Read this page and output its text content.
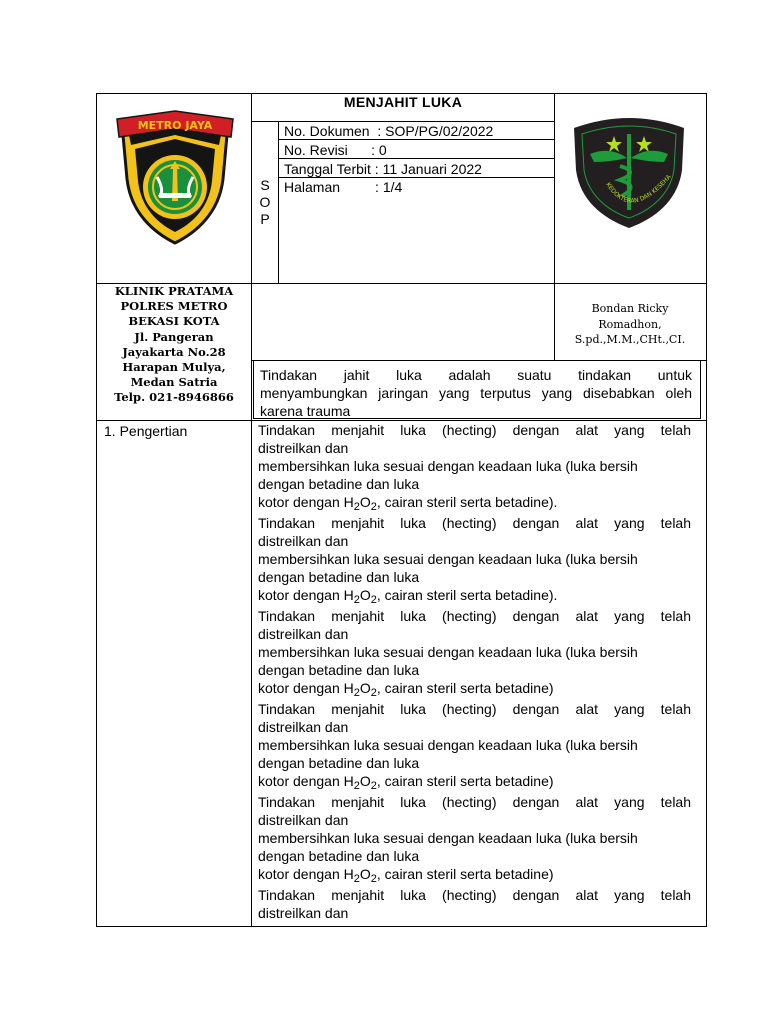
METRO JAYA
MENJAHIT LUKA
S
O
P
No. Dokumen  : SOP/PG/02/2022
No. Revisi      : 0
Tanggal Terbit : 11 Januari 2022
Halaman         : 1/4	KEDOKTERAN DAN KESEHA
KLINIK PRATAMA
POLRES METRO
BEKASI KOTA
Jl. Pangeran
Jayakarta No.28
Harapan Mulya,
Medan Satria
Telp. 021-8946866
Bondan Ricky
Romadhon,
S.pd.,M.M.,CHt.,CI.
Tindakan jahit luka adalah suatu tindakan untuk
menyambungkan jaringan yang terputus yang disebabkan oleh
karena trauma
1. Pengertian	Tindakan menjahit luka (hecting) dengan alat yang telah
distreilkan dan
membersihkan luka sesuai dengan keadaan luka (luka bersih
dengan betadine dan luka
kotor dengan $H_2O_2$, cairan steril serta betadine).
Tindakan menjahit luka (hecting) dengan alat yang telah
distreilkan dan
membersihkan luka sesuai dengan keadaan luka (luka bersih
dengan betadine dan luka
kotor dengan $H_2O_2$, cairan steril serta betadine).
Tindakan menjahit luka (hecting) dengan alat yang telah
distreilkan dan
membersihkan luka sesuai dengan keadaan luka (luka bersih
dengan betadine dan luka
kotor dengan $H_2O_2$, cairan steril serta betadine)
Tindakan menjahit luka (hecting) dengan alat yang telah
distreilkan dan
membersihkan luka sesuai dengan keadaan luka (luka bersih
dengan betadine dan luka
kotor dengan $H_2O_2$, cairan steril serta betadine)
Tindakan menjahit luka (hecting) dengan alat yang telah
distreilkan dan
membersihkan luka sesuai dengan keadaan luka (luka bersih
dengan betadine dan luka
kotor dengan $H_2O_2$, cairan steril serta betadine)
Tindakan menjahit luka (hecting) dengan alat yang telah
distreilkan dan
